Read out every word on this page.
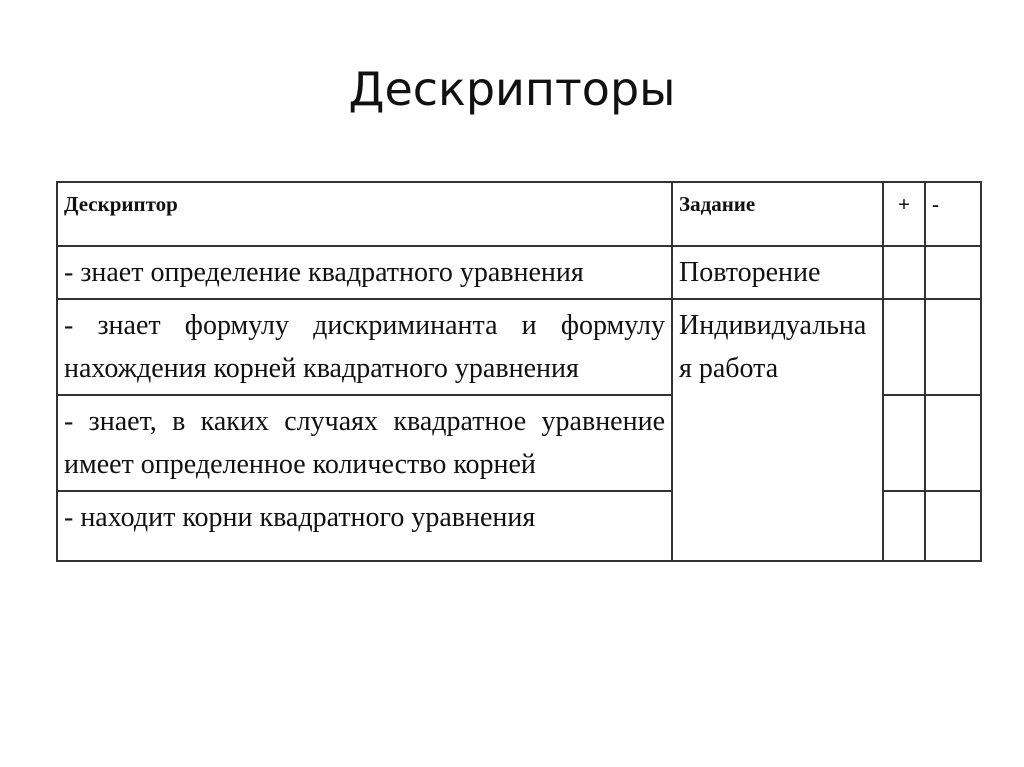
Дескрипторы
Дескриптор	Задание	+	-
- знает определение квадратного уравнения	Повторение		
- знает формулу дискриминанта и формулу нахождения корней квадратного уравнения	Индивидуальная работа		
- знает, в каких случаях квадратное уравнение имеет определенное количество корней			
- находит корни квадратного уравнения			
